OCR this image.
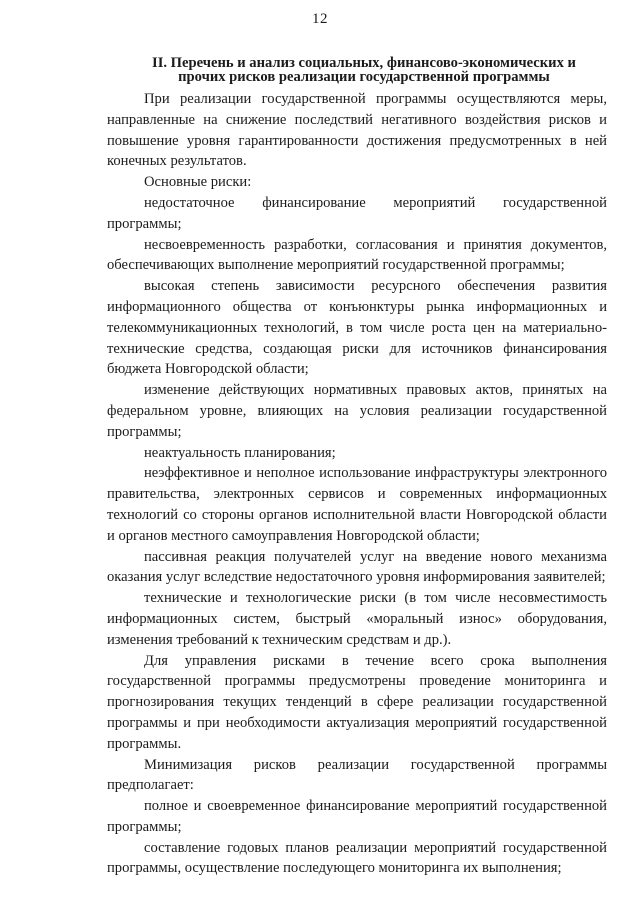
12
II. Перечень и анализ социальных, финансово-экономических и
прочих рисков реализации государственной программы

При реализации государственной программы осуществляются меры, направленные на снижение последствий негативного воздействия рисков и повышение уровня гарантированности достижения предусмотренных в ней конечных результатов.

Основные риски:

недостаточное финансирование мероприятий государственной программы;

несвоевременность разработки, согласования и принятия документов, обеспечивающих выполнение мероприятий государственной программы;

высокая степень зависимости ресурсного обеспечения развития информационного общества от конъюнктуры рынка информационных и телекоммуникационных технологий, в том числе роста цен на материально-технические средства, создающая риски для источников финансирования бюджета Новгородской области;

изменение действующих нормативных правовых актов, принятых на федеральном уровне, влияющих на условия реализации государственной программы;

неактуальность планирования;

неэффективное и неполное использование инфраструктуры электронного правительства, электронных сервисов и современных информационных технологий со стороны органов исполнительной власти Новгородской области и органов местного самоуправления Новгородской области;

пассивная реакция получателей услуг на введение нового механизма оказания услуг вследствие недостаточного уровня информирования заявителей;

технические и технологические риски (в том числе несовместимость информационных систем, быстрый «моральный износ» оборудования, изменения требований к техническим средствам и др.).

Для управления рисками в течение всего срока выполнения государственной программы предусмотрены проведение мониторинга и прогнозирования текущих тенденций в сфере реализации государственной программы и при необходимости актуализация мероприятий государственной программы.

Минимизация рисков реализации государственной программы предполагает:

полное и своевременное финансирование мероприятий государственной программы;

составление годовых планов реализации мероприятий государственной программы, осуществление последующего мониторинга их выполнения;
